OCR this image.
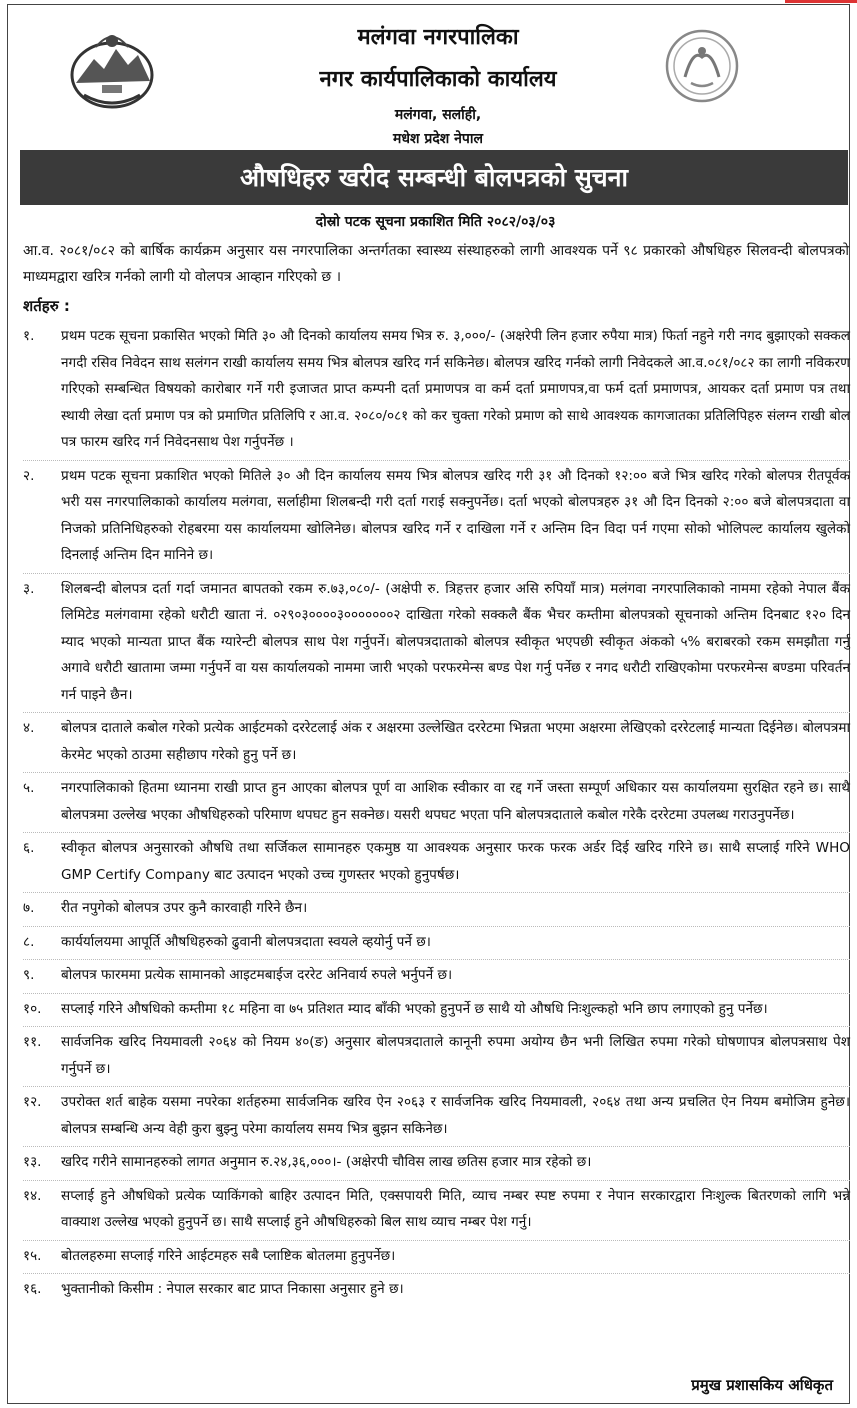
मलंगवा नगरपालिका
नगर कार्यपालिकाको कार्यालय
मलंगवा, सर्लाही,
मधेश प्रदेश नेपाल
औषधिहरु खरीद सम्बन्धी बोलपत्रको सुचना
दोस्रो पटक सूचना प्रकाशित मिति २०८२/०३/०३
आ.व. २०८१/०८२ को बार्षिक कार्यक्रम अनुसार यस नगरपालिका अन्तर्गतका स्वास्थ्य संस्थाहरुको लागी आवश्यक पर्ने ९८ प्रकारको औषधिहरु सिलवन्दी बोलपत्रको माध्यमद्वारा खरित्र गर्नको लागी यो वोलपत्र आव्हान गरिएको छ ।
शर्तहरु :
१.	प्रथम पटक सूचना प्रकासित भएको मिति ३० औ दिनको कार्यालय समय भित्र रु. ३,०००/- (अक्षरेपी लिन हजार रुपैया मात्र) फिर्ता नहुने गरी नगद बुझाएको सक्कल नगदी रसिव निवेदन साथ सलंगन राखी कार्यालय समय भित्र बोलपत्र खरिद गर्न सकिनेछ। बोलपत्र खरिद गर्नको लागी निवेदकले आ.व.०८१/०८२ का लागी नविकरण गरिएको सम्बन्धित विषयको कारोबार गर्ने गरी इजाजत प्राप्त कम्पनी दर्ता प्रमाणपत्र वा कर्म दर्ता प्रमाणपत्र,वा फर्म दर्ता प्रमाणपत्र, आयकर दर्ता प्रमाण पत्र तथा स्थायी लेखा दर्ता प्रमाण पत्र को प्रमाणित प्रतिलिपि र आ.व. २०८०/०८१ को कर चुक्ता गरेको प्रमाण को साथे आवश्यक कागजातका प्रतिलिपिहरु संलग्न राखी बोल पत्र फारम खरिद गर्न निवेदनसाथ पेश गर्नुपर्नेछ ।
२.	प्रथम पटक सूचना प्रकाशित भएको मितिले ३० औ दिन कार्यालय समय भित्र बोलपत्र खरिद गरी ३१ औ दिनको १२:०० बजे भित्र खरिद गरेको बोलपत्र रीतपूर्वक भरी यस नगरपालिकाको कार्यालय मलंगवा, सर्लाहीमा शिलबन्दी गरी दर्ता गराई सक्नुपर्नेछ। दर्ता भएको बोलपत्रहरु ३१ औ दिन दिनको २:०० बजे बोलपत्रदाता वा निजको प्रतिनिधिहरुको रोहबरमा यस कार्यालयमा खोलिनेछ। बोलपत्र खरिद गर्ने र दाखिला गर्ने र अन्तिम दिन विदा पर्न गएमा सोको भोलिपल्ट कार्यालय खुलेको दिनलाई अन्तिम दिन मानिने छ।
३.	शिलबन्दी बोलपत्र दर्ता गर्दा जमानत बापतको रकम रु.७३,०८०/- (अक्षेपी रु. त्रिहत्तर हजार असि रुपियाँ मात्र) मलंगवा नगरपालिकाको नाममा रहेको नेपाल बैंक लिमिटेड मलंगवामा रहेको धरौटी खाता नं. ०२९०३००००३०००००००२ दाखिता गरेको सक्कलै बैंक भैचर कम्तीमा बोलपत्रको सूचनाको अन्तिम दिनबाट १२० दिन म्याद भएको मान्यता प्राप्त बैंक ग्यारेन्टी बोलपत्र साथ पेश गर्नुपर्ने। बोलपत्रदाताको बोलपत्र स्वीकृत भएपछी स्वीकृत अंकको ५% बराबरको रकम समझौता गर्नु अगावे धरौटी खातामा जम्मा गर्नुपर्ने वा यस कार्यालयको नाममा जारी भएको परफरमेन्स बण्ड पेश गर्नु पर्नेछ र नगद धरौटी राखिएकोमा परफरमेन्स बण्डमा परिवर्तन गर्न पाइने छैन।
४.	बोलपत्र दाताले कबोल गरेको प्रत्येक आईटमको दररेटलाई अंक र अक्षरमा उल्लेखित दररेटमा भिन्नता भएमा अक्षरमा लेखिएको दररेटलाई मान्यता दिईनेछ। बोलपत्रमा केरमेट भएको ठाउमा सहीछाप गरेको हुनु पर्ने छ।
५.	नगरपालिकाको हितमा ध्यानमा राखी प्राप्त हुन आएका बोलपत्र पूर्ण वा आशिक स्वीकार वा रद्द गर्ने जस्ता सम्पूर्ण अधिकार यस कार्यालयमा सुरक्षित रहने छ। साथै बोलपत्रमा उल्लेख भएका औषधिहरुको परिमाण थपघट हुन सक्नेछ। यसरी थपघट भएता पनि बोलपत्रदाताले कबोल गरेकै दररेटमा उपलब्ध गराउनुपर्नेछ।
६.	स्वीकृत बोलपत्र अनुसारको औषधि तथा सर्जिकल सामानहरु एकमुष्ठ या आवश्यक अनुसार फरक फरक अर्डर दिई खरिद गरिने छ। साथै सप्लाई गरिने WHO GMP Certify Company बाट उत्पादन भएको उच्च गुणस्तर भएको हुनुपर्षछ।
७.	रीत नपुगेको बोलपत्र उपर कुनै कारवाही गरिने छैन।
८.	कार्यर्यालयमा आपूर्ति औषधिहरुको ढुवानी बोलपत्रदाता स्वयले व्हयोर्नु पर्ने छ।
९.	बोलपत्र फारममा प्रत्येक सामानको आइटमबाईज दररेट अनिवार्य रुपले भर्नुपर्ने छ।
१०.	सप्लाई गरिने औषधिको कम्तीमा १८ महिना वा ७५ प्रतिशत म्याद बाँकी भएको हुनुपर्ने छ साथै यो औषधि निःशुल्कहो भनि छाप लगाएको हुनु पर्नेछ।
११.	सार्वजनिक खरिद नियमावली २०६४ को नियम ४०(ङ) अनुसार बोलपत्रदाताले कानूनी रुपमा अयोग्य छैन भनी लिखित रुपमा गरेको घोषणापत्र बोलपत्रसाथ पेश गर्नुपर्ने छ।
१२.	उपरोक्त शर्त बाहेक यसमा नपरेका शर्तहरुमा सार्वजनिक खरिव ऐन २०६३ र सार्वजनिक खरिद नियमावली, २०६४ तथा अन्य प्रचलित ऐन नियम बमोजिम हुनेछ। बोलपत्र सम्बन्धि अन्य वेही कुरा बुझ्नु परेमा कार्यालय समय भित्र बुझन सकिनेछ।
१३.	खरिद गरीने सामानहरुको लागत अनुमान रु.२४,३६,०००।- (अक्षेरपी चौविस लाख छतिस हजार मात्र रहेको छ।
१४.	सप्लाई हुने औषधिको प्रत्येक प्याकिंगको बाहिर उत्पादन मिति, एक्सपायरी मिति, व्याच नम्बर स्पष्ट रुपमा र नेपान सरकारद्वारा निःशुल्क बितरणको लागि भन्ने वाक्याश उल्लेख भएको हुनुपर्ने छ। साथै सप्लाई हुने औषधिहरुको बिल साथ व्याच नम्बर पेश गर्नु।
१५.	बोतलहरुमा सप्लाई गरिने आईटमहरु सबै प्लाष्टिक बोतलमा हुनुपर्नेछ।
१६.	भुक्तानीको किसीम : नेपाल सरकार बाट प्राप्त निकासा अनुसार हुने छ।
प्रमुख प्रशासकिय अधिकृत
